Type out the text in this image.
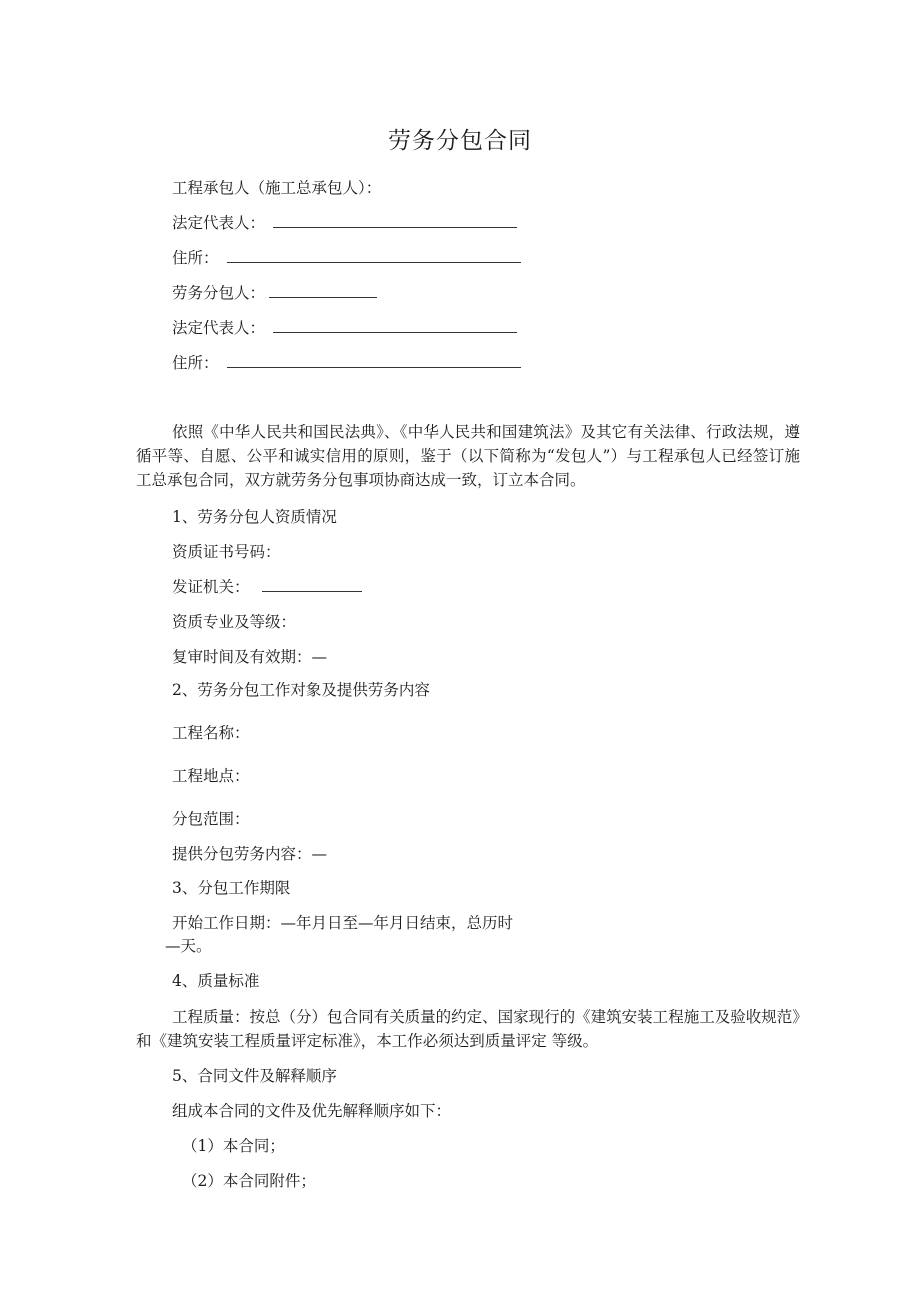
劳务分包合同
工程承包人（施工总承包人）：
法定代表人：
住所：
劳务分包人：
法定代表人：
住所：
依照《中华人民共和国民法典》、《中华人民共和国建筑法》及其它有关法律、行政法规，遵循平等、自愿、公平和诚实信用的原则，鉴于（以下简称为“发包人”）与工程承包人已经签订施工总承包合同，双方就劳务分包事项协商达成一致，订立本合同。
1、劳务分包人资质情况
资质证书号码：
发证机关：
资质专业及等级：
复审时间及有效期：—
2、劳务分包工作对象及提供劳务内容
工程名称：
工程地点：
分包范围：
提供分包劳务内容：—
3、分包工作期限
开始工作日期：—年月日至—年月日结束，总历时
—天。
4、质量标准
工程质量：按总（分）包合同有关质量的约定、国家现行的《建筑安装工程施工及验收规范》和《建筑安装工程质量评定标准》，本工作必须达到质量评定 等级。
5、合同文件及解释顺序
组成本合同的文件及优先解释顺序如下：
（1）本合同；
（2）本合同附件；
